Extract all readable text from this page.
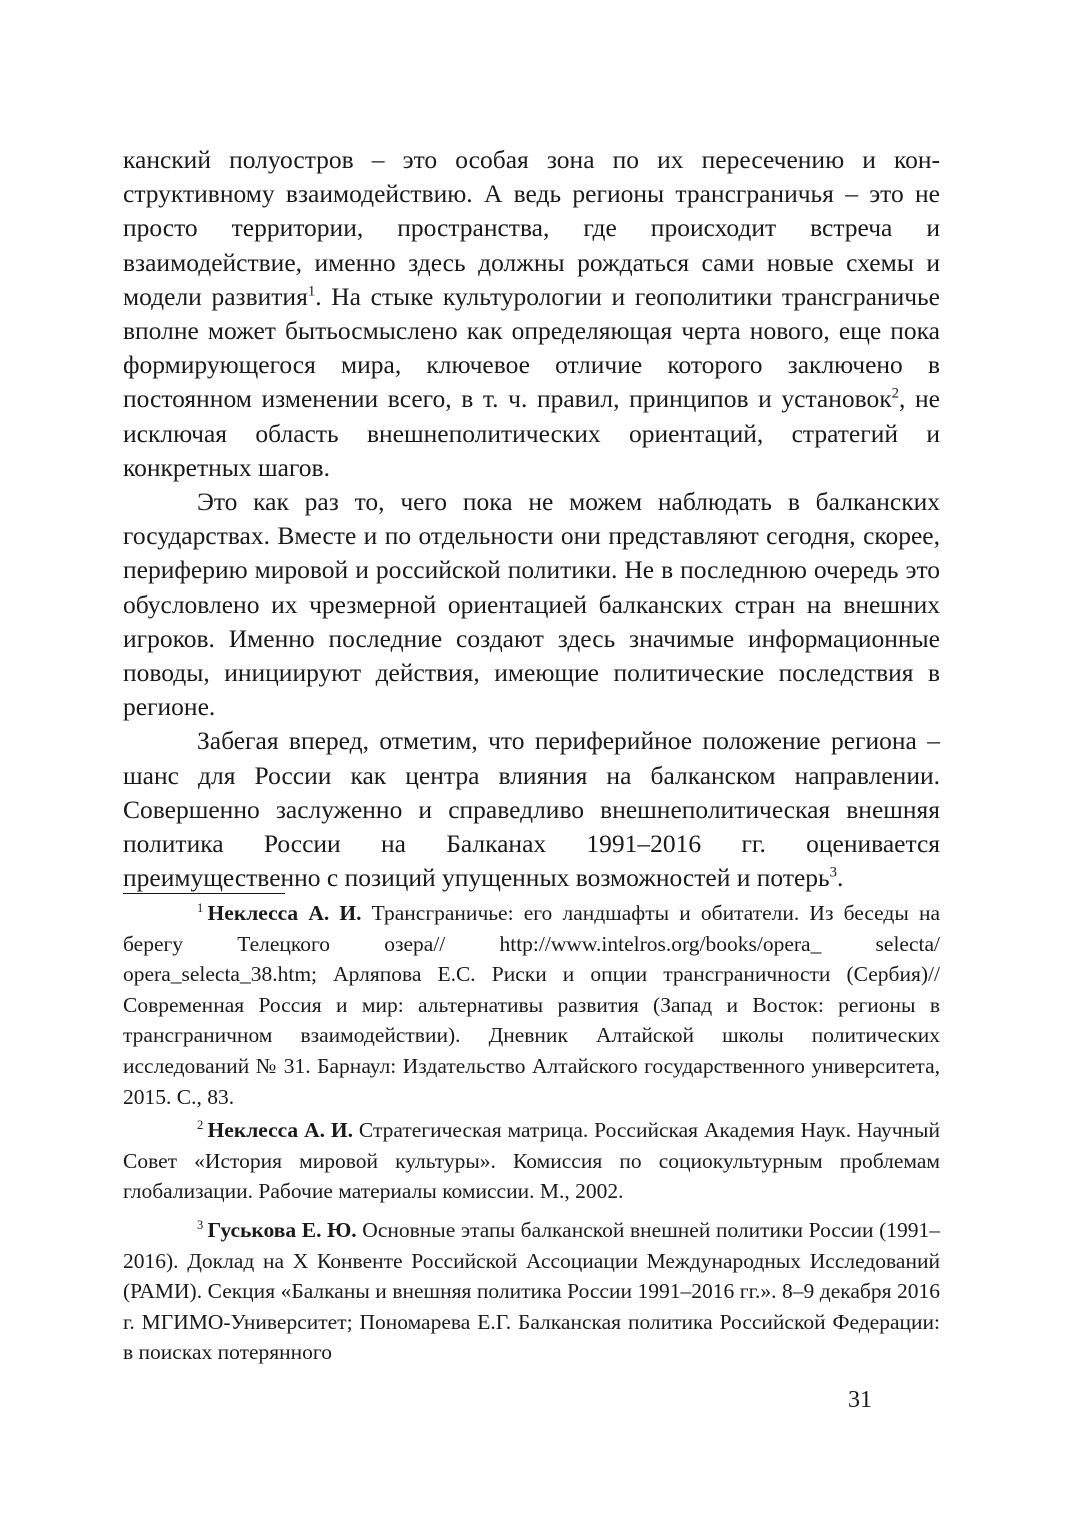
канский полуостров – это особая зона по их пересечению и конструктивному взаимодействию. А ведь регионы трансграничья – это не просто территории, пространства, где происходит встреча и взаимодействие, именно здесь должны рождаться сами новые схемы и модели развития$^1$. На стыке культурологии и геополитики трансграничье вполне может бытьосмыслено как определяющая черта нового, еще пока формирующегося мира, ключевое отличие которого заключено в постоянном изменении всего, в т. ч. правил, принципов и установок$^2$, не исключая область внешнеполитических ориентаций, стратегий и конкретных шагов.

Это как раз то, чего пока не можем наблюдать в балканских государствах. Вместе и по отдельности они представляют сегодня, скорее, периферию мировой и российской политики. Не в последнюю очередь это обусловлено их чрезмерной ориентацией балканских стран на внешних игроков. Именно последние создают здесь значимые информационные поводы, инициируют действия, имеющие политические последствия в регионе.

Забегая вперед, отметим, что периферийное положение региона – шанс для России как центра влияния на балканском направлении. Совершенно заслуженно и справедливо внешнеполитическая внешняя политика России на Балканах 1991–2016 гг. оценивается преимущественно с позиций упущенных возможностей и потерь$^3$.

$^1$  Неклесса А. И. Трансграничье: его ландшафты и обитатели. Из беседы на берегу Телецкого озера// http://www.intelros.org/books/opera_ selecta/ opera_selecta_38.htm; Арляпова Е.С. Риски и опции трансграничности (Сербия)// Современная Россия и мир: альтернативы развития (Запад и Восток: регионы в трансграничном взаимодействии). Дневник Алтайской школы политических исследований № 31. Барнаул: Издательство Алтайского государственного университета, 2015. С., 83.

$^2$  Неклесса А. И. Стратегическая матрица. Российская Академия Наук. Научный Совет «История мировой культуры». Комиссия по социокультурным проблемам глобализации. Рабочие материалы комиссии. М., 2002.

$^3$  Гуськова Е. Ю. Основные этапы балканской внешней политики России (1991–2016). Доклад на X Конвенте Российской Ассоциации Международных Исследований (РАМИ). Секция «Балканы и внешняя политика России 1991–2016 гг.». 8–9 декабря 2016 г. МГИМО-Университет; Пономарева Е.Г. Балканская политика Российской Федерации: в поисках потерянного

31
